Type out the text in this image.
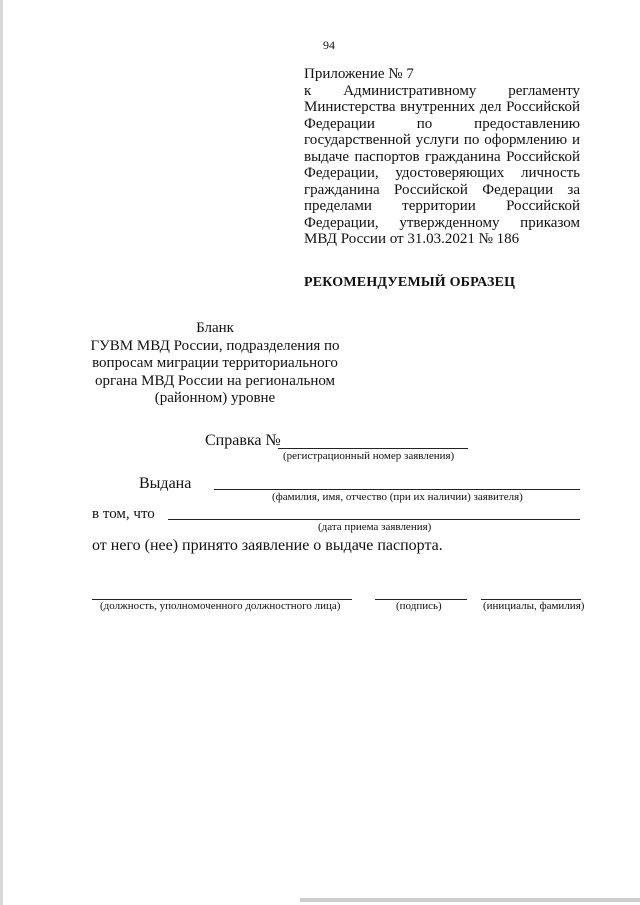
94
Приложение № 7
к Административному регламенту
Министерства внутренних дел Российской
Федерации по предоставлению
государственной услуги по оформлению и
выдаче паспортов гражданина Российской
Федерации, удостоверяющих личность
гражданина Российской Федерации за
пределами территории Российской
Федерации, утвержденному приказом
МВД России от 31.03.2021 № 186
РЕКОМЕНДУЕМЫЙ ОБРАЗЕЦ
Бланк
ГУВМ МВД России, подразделения по
вопросам миграции территориального
органа МВД России на региональном
(районном) уровне
Справка №
(регистрационный номер заявления)
Выдана
(фамилия, имя, отчество (при их наличии) заявителя)
в том, что
(дата приема заявления)
от него (нее) принято заявление о выдаче паспорта.
(должность, уполномоченного должностного лица)	(подпись)	(инициалы, фамилия)
